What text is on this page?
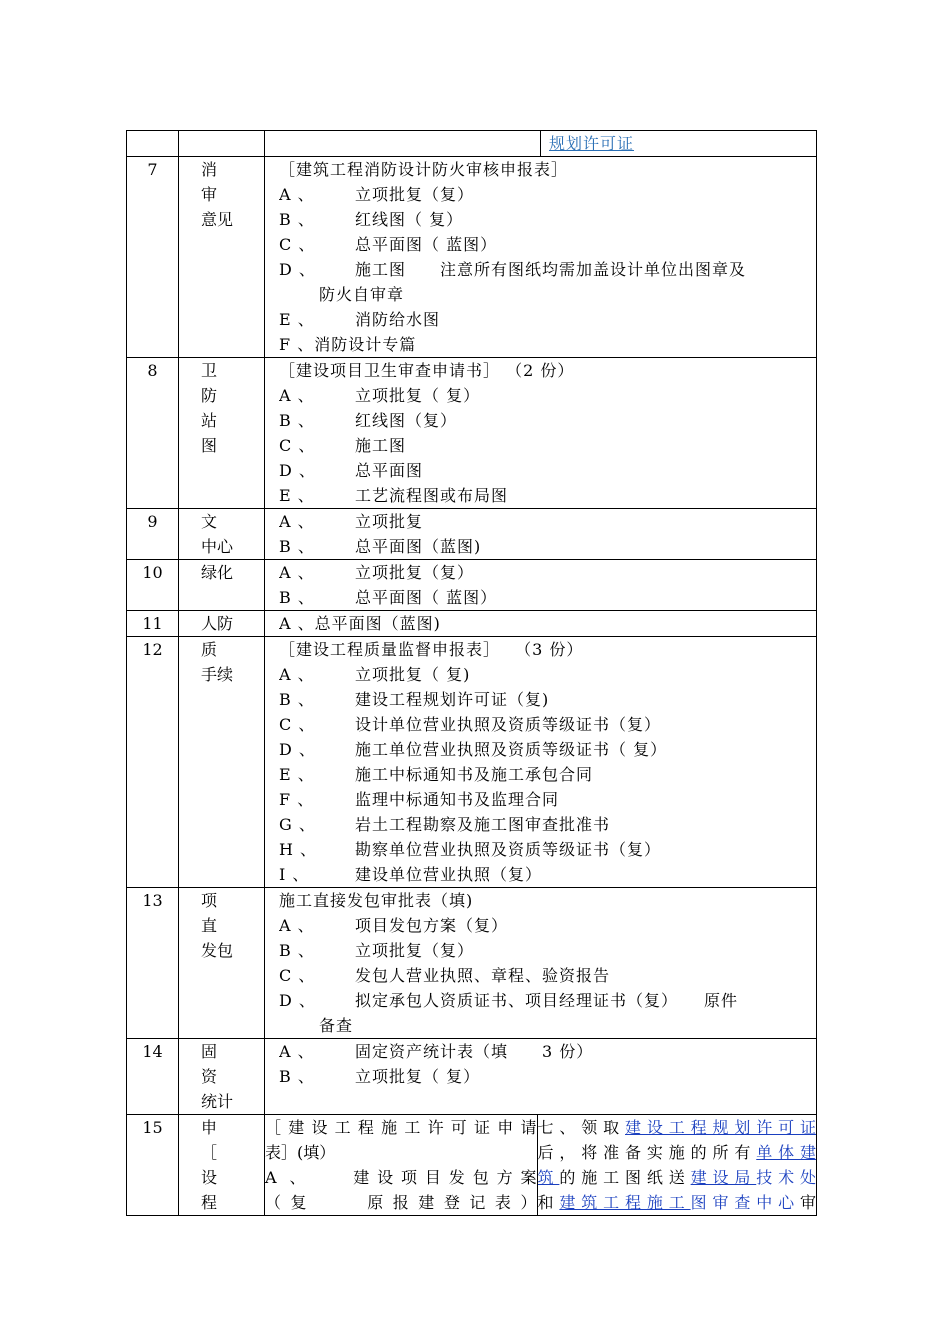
规划许可证

7	消　　
审　　
意见

［建筑工程消防设计防火审核申报表］
A 、	立项批复（复）
B 、	红线图（ 复）
C 、 总平面图（ 蓝图）
D 、 施工图　　注意所有图纸均需加盖设计单位出图章及
防火自审章
E 、	消防给水图
F 、消防设计专篇

8	卫　　
防　　
站　　
图

［建设项目卫生审查申请书］ （2 份）
A 、	立项批复（ 复）
B 、	红线图（复）
C 、 施工图
D 、 总平面图
E 、	工艺流程图或布局图

9	文　　
中心

A 、	立项批复
B 、	总平面图（蓝图)

10	绿化	A 、	立项批复（复）
B 、	总平面图（ 蓝图）

11	人防	A 、总平面图（蓝图)

12	质　　
手续

［建设工程质量监督申报表］　 （3 份）
A 、	立项批复（ 复)
B 、	建设工程规划许可证（复)
C 、 设计单位营业执照及资质等级证书（复）
D 、 施工单位营业执照及资质等级证书（ 复）
E 、	施工中标通知书及施工承包合同
F 、	监理中标通知书及监理合同
G 、 岩土工程勘察及施工图审查批准书
H 、 勘察单位营业执照及资质等级证书（复）
I 、	建设单位营业执照（复）

13	项　　
直　　
发包

施工直接发包审批表（填)
A 、	项目发包方案（复）
B 、	立项批复（复）
C 、 发包人营业执照、章程、验资报告
D 、 拟定承包人资质证书、项目经理证书（复）　　原件
备查

14	固　　
资　　
统计

A 、	固定资产统计表（填　　3 份）
B 、	立项批复（ 复）

15	申　　
［　　
设　　
程　　

［建设工程施工许可证申请
表］(填）
A 、　　建设项目发包方案
（复　　原报建登记表）

七、领取建设工程规划许可证
后，将准备实施的所有单体建
筑的施工图纸送建设局技术处
和建筑工程施工图审查中心审
